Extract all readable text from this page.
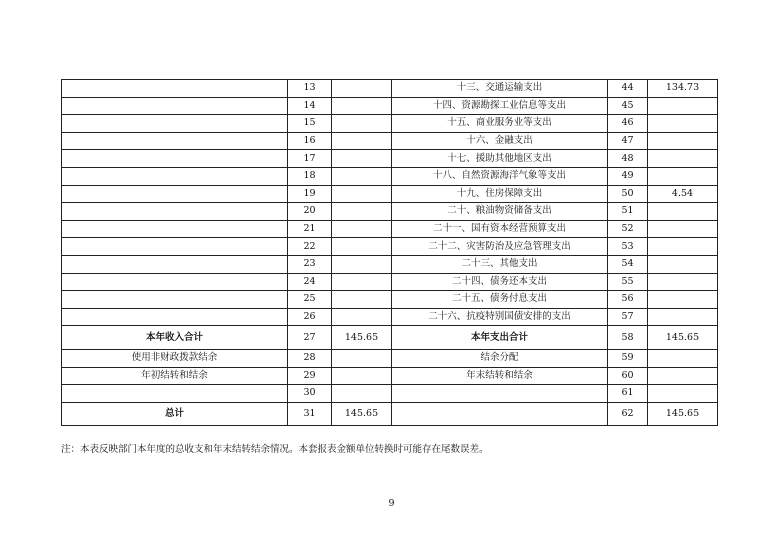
	13		十三、交通运输支出	44	134.73
	14		十四、资源勘探工业信息等支出	45	
	15		十五、商业服务业等支出	46	
	16		十六、金融支出	47	
	17		十七、援助其他地区支出	48	
	18		十八、自然资源海洋气象等支出	49	
	19		十九、住房保障支出	50	4.54
	20		二十、粮油物资储备支出	51	
	21		二十一、国有资本经营预算支出	52	
	22		二十二、灾害防治及应急管理支出	53	
	23		二十三、其他支出	54	
	24		二十四、债务还本支出	55	
	25		二十五、债务付息支出	56	
	26		二十六、抗疫特别国债安排的支出	57	
本年收入合计	27	145.65	本年支出合计	58	145.65
使用非财政拨款结余	28		结余分配	59	
年初结转和结余	29		年末结转和结余	60	
	30			61	
总计	31	145.65		62	145.65
注：本表反映部门本年度的总收支和年末结转结余情况。本套报表金额单位转换时可能存在尾数误差。
9
